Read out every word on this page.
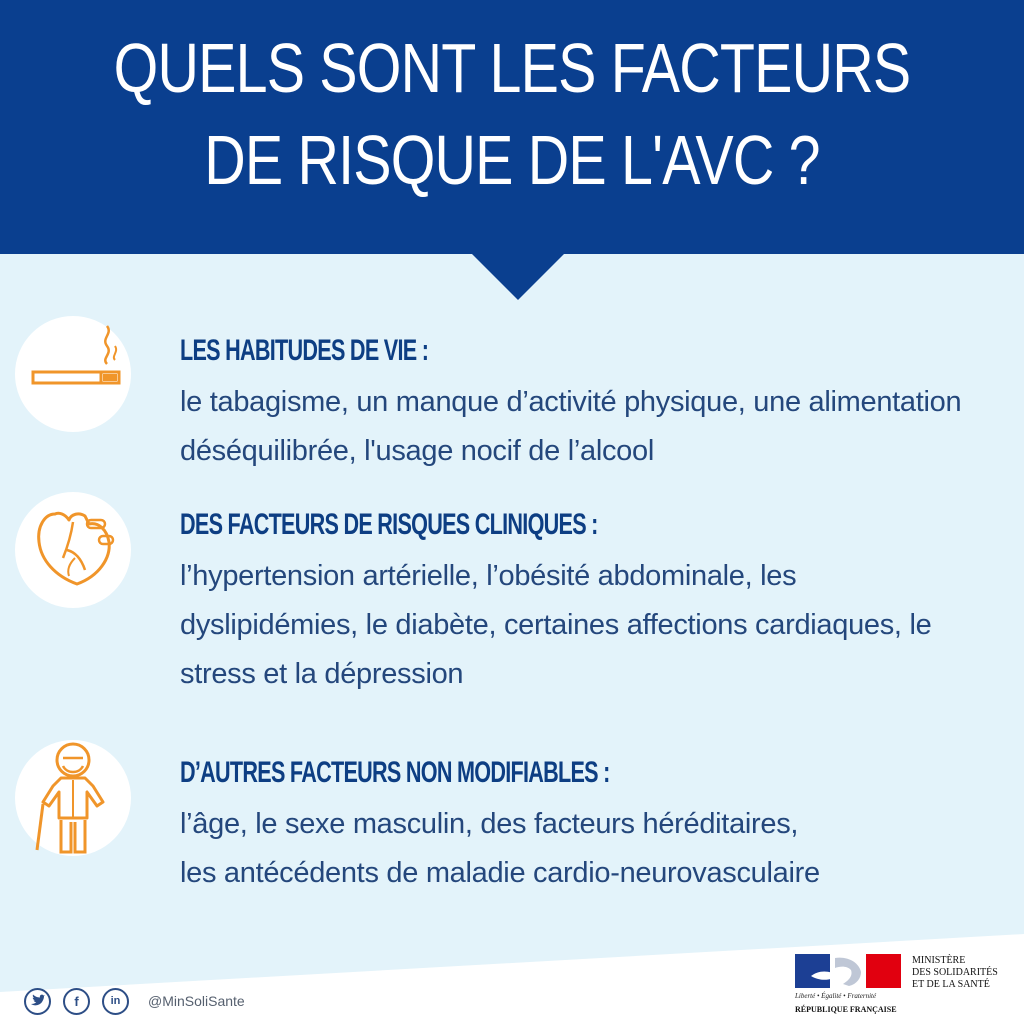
QUELS SONT LES FACTEURS
DE RISQUE DE L'AVC ?
LES HABITUDES DE VIE :
le tabagisme, un manque d’activité physique, une alimentation
déséquilibrée, l'usage nocif de l’alcool
DES FACTEURS DE RISQUES CLINIQUES :
l’hypertension artérielle, l’obésité abdominale, les
dyslipidémies, le diabète, certaines affections cardiaques, le
stress et la dépression
D’AUTRES FACTEURS NON MODIFIABLES :
l’âge, le sexe masculin, des facteurs héréditaires,
les antécédents de maladie cardio-neurovasculaire
f	in	@MinSoliSante	Liberté • Égalité • Fraternité
RÉPUBLIQUE FRANÇAISE
MINISTÈRE
DES SOLIDARITÉS
ET DE LA SANTÉ
